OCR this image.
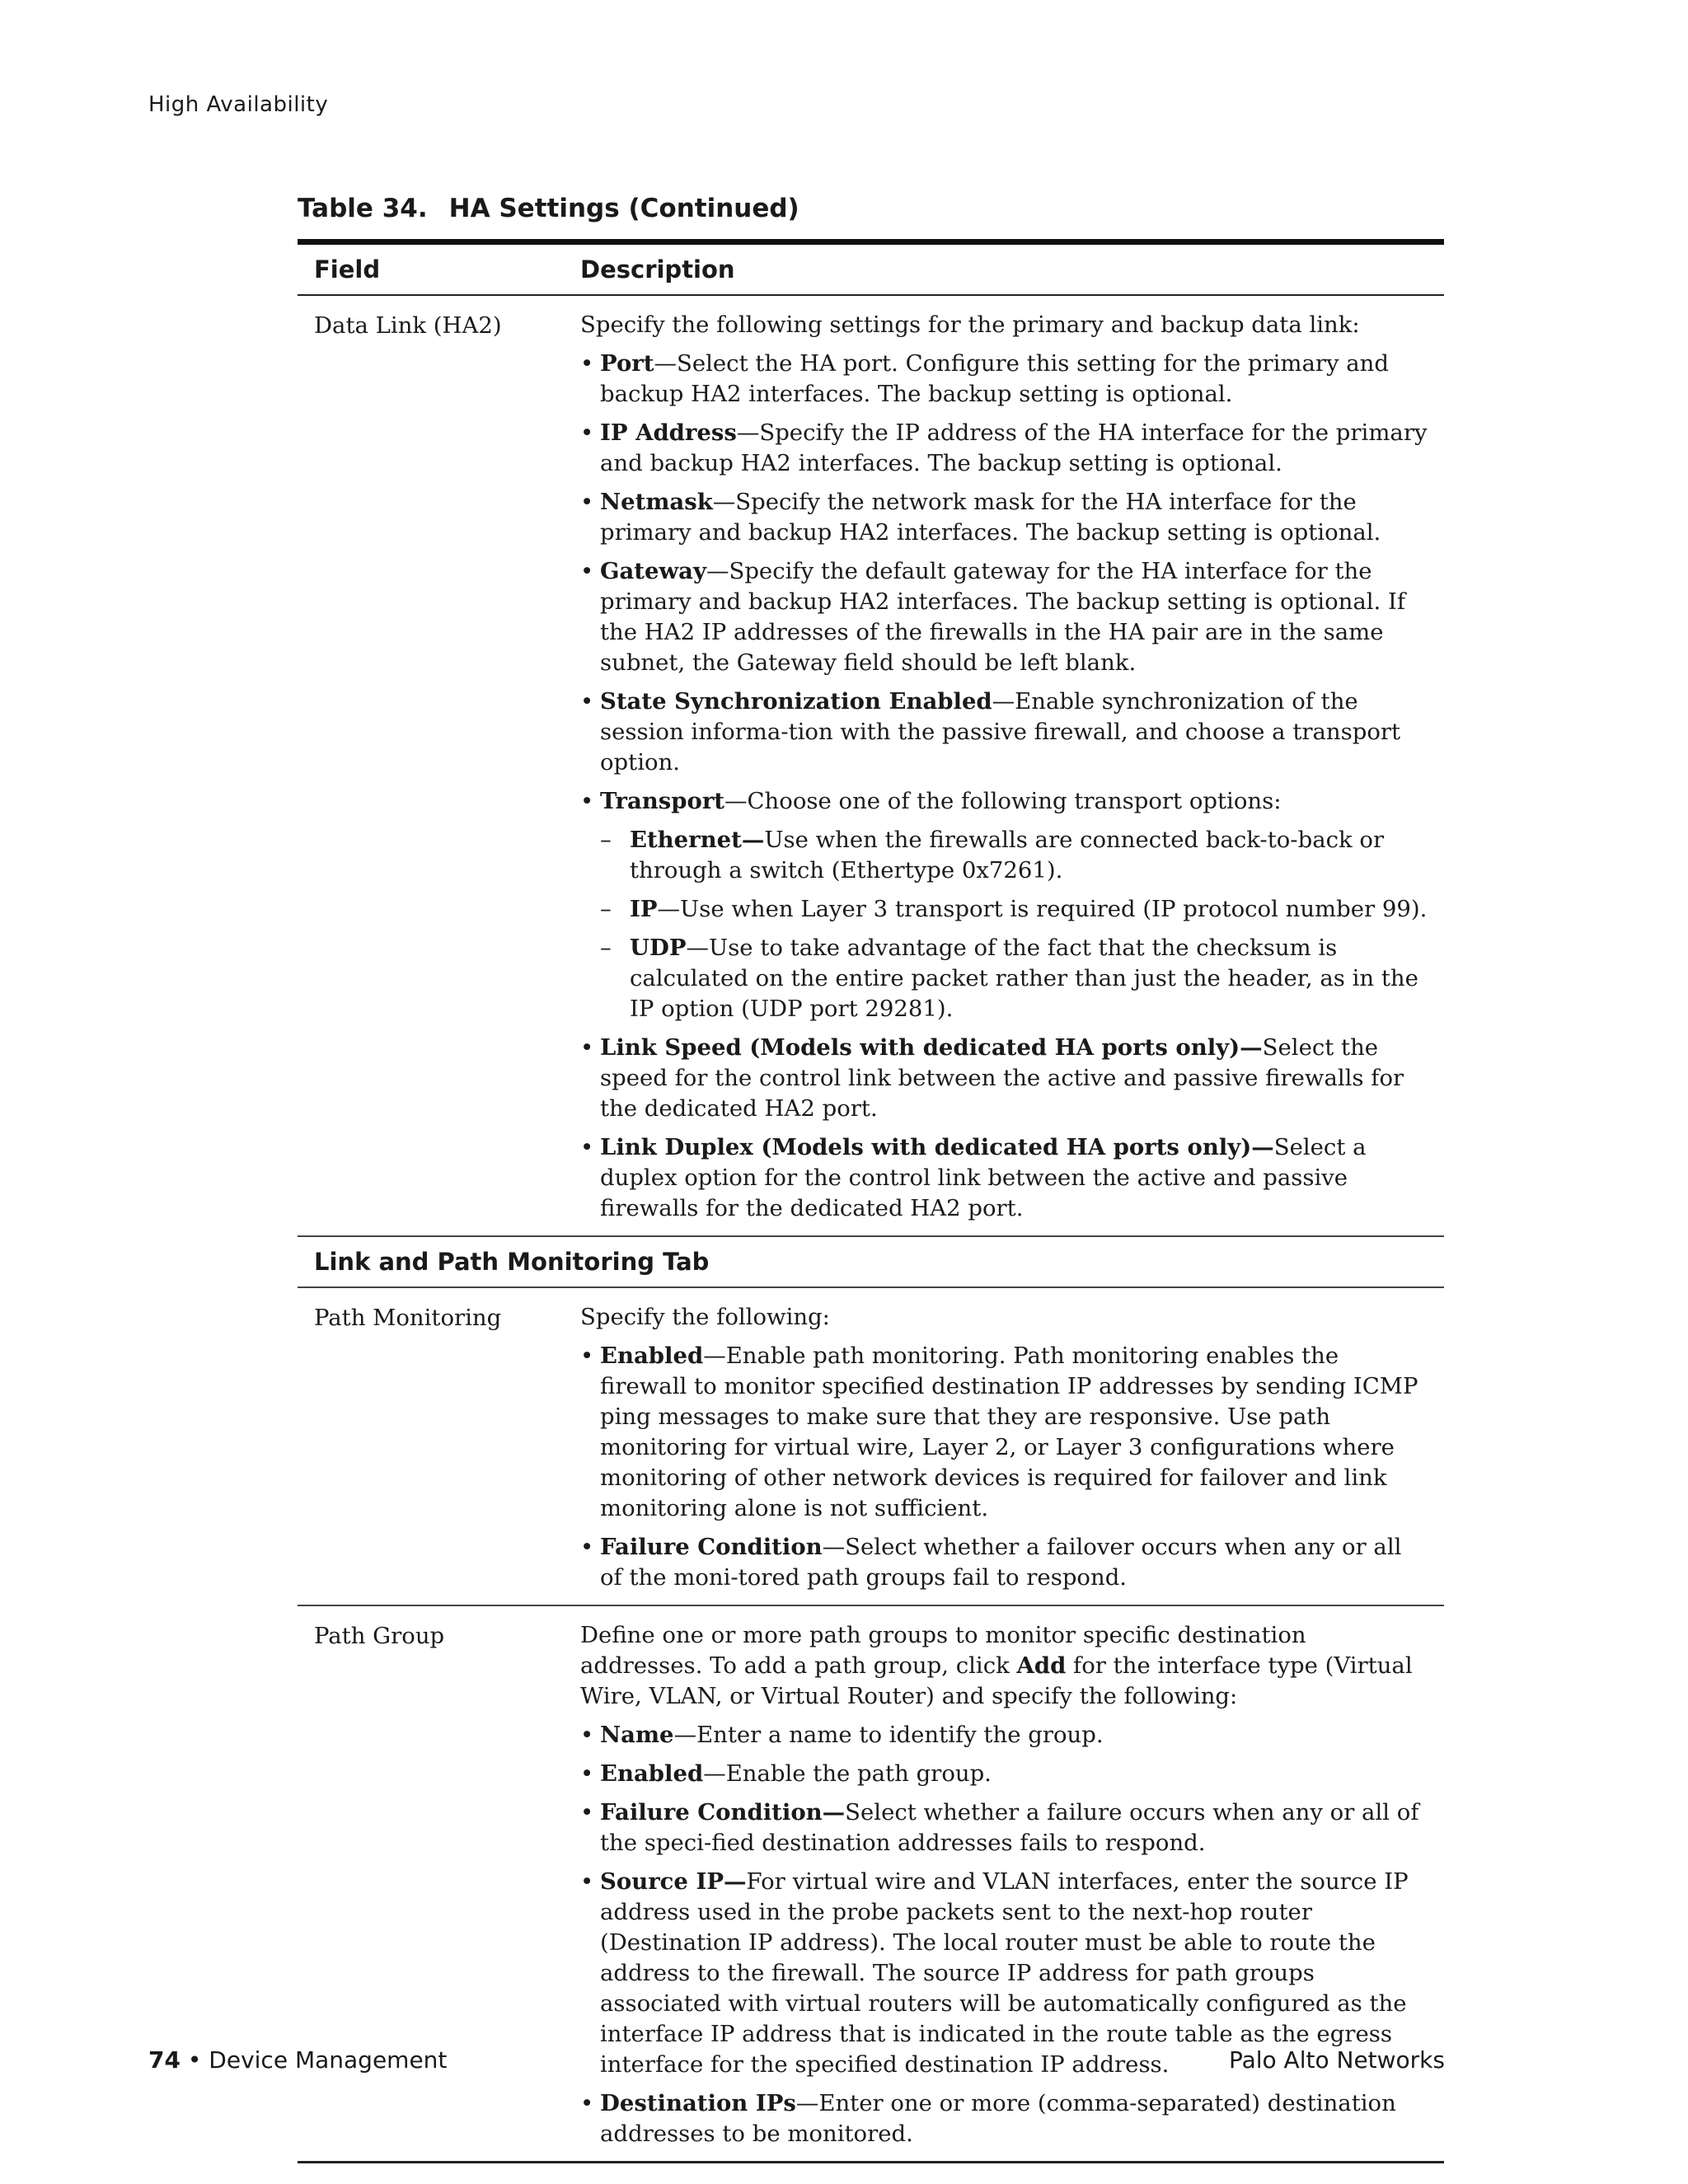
High Availability
Table 34. HA Settings (Continued)
Field	Description
Data Link (HA2)	Specify the following settings for the primary and backup data link:
• Port—Select the HA port. Configure this setting for the primary and backup HA2 interfaces. The backup setting is optional.
• IP Address—Specify the IP address of the HA interface for the primary and backup HA2 interfaces. The backup setting is optional.
• Netmask—Specify the network mask for the HA interface for the primary and backup HA2 interfaces. The backup setting is optional.
• Gateway—Specify the default gateway for the HA interface for the primary and backup HA2 interfaces. The backup setting is optional. If the HA2 IP addresses of the firewalls in the HA pair are in the same subnet, the Gateway field should be left blank.
• State Synchronization Enabled—Enable synchronization of the session informa-tion with the passive firewall, and choose a transport option.
• Transport—Choose one of the following transport options:
– Ethernet—Use when the firewalls are connected back-to-back or through a switch (Ethertype 0x7261).
– IP—Use when Layer 3 transport is required (IP protocol number 99).
– UDP—Use to take advantage of the fact that the checksum is calculated on the entire packet rather than just the header, as in the IP option (UDP port 29281).
• Link Speed (Models with dedicated HA ports only)—Select the speed for the control link between the active and passive firewalls for the dedicated HA2 port.
• Link Duplex (Models with dedicated HA ports only)—Select a duplex option for the control link between the active and passive firewalls for the dedicated HA2 port.
Link and Path Monitoring Tab
Path Monitoring	Specify the following:
• Enabled—Enable path monitoring. Path monitoring enables the firewall to monitor specified destination IP addresses by sending ICMP ping messages to make sure that they are responsive. Use path monitoring for virtual wire, Layer 2, or Layer 3 configurations where monitoring of other network devices is required for failover and link monitoring alone is not sufficient.
• Failure Condition—Select whether a failover occurs when any or all of the moni-tored path groups fail to respond.
Path Group	Define one or more path groups to monitor specific destination addresses. To add a path group, click Add for the interface type (Virtual Wire, VLAN, or Virtual Router) and specify the following:
• Name—Enter a name to identify the group.
• Enabled—Enable the path group.
• Failure Condition—Select whether a failure occurs when any or all of the speci-fied destination addresses fails to respond.
• Source IP—For virtual wire and VLAN interfaces, enter the source IP address used in the probe packets sent to the next-hop router (Destination IP address). The local router must be able to route the address to the firewall. The source IP address for path groups associated with virtual routers will be automatically configured as the interface IP address that is indicated in the route table as the egress interface for the specified destination IP address.
• Destination IPs—Enter one or more (comma-separated) destination addresses to be monitored.
74 • Device Management	Palo Alto Networks
